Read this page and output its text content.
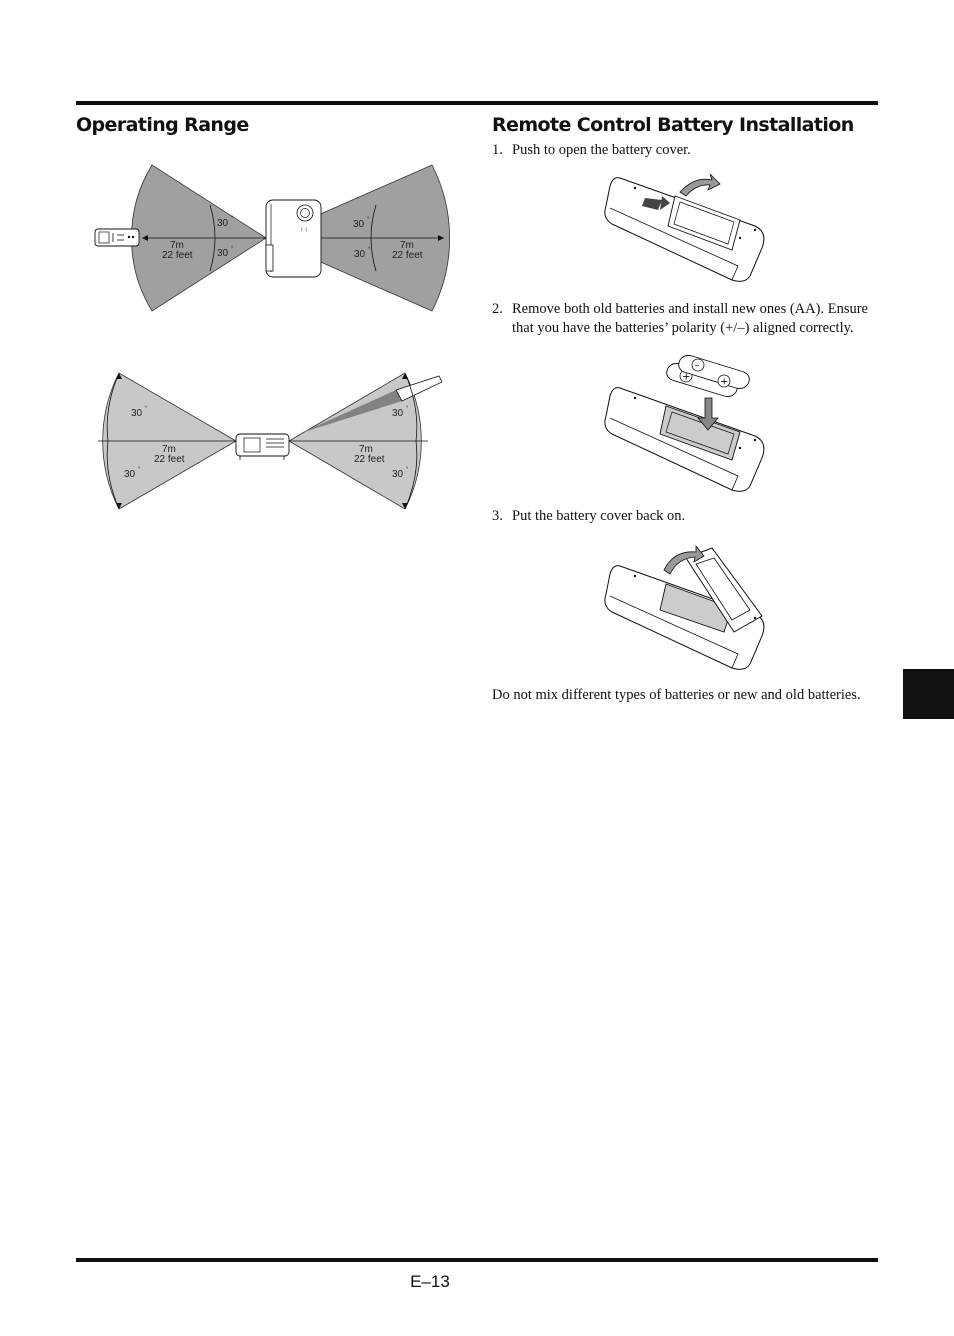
Operating Range	Remote Control Battery Installation
30 °
30 °
30 °
30 °
7m
22 feet
7m
22 feet
↕ ↕
30 °
30 °
30 °
30 °
7m
22 feet
7m
22 feet
1. Push to open the battery cover.
2. Remove both old batteries and install new ones (AA). Ensure that you have the batteries’ polarity (+/–) aligned correctly.
+
–
+
3. Put the battery cover back on.
Do not mix different types of batteries or new and old batteries.
E–13
